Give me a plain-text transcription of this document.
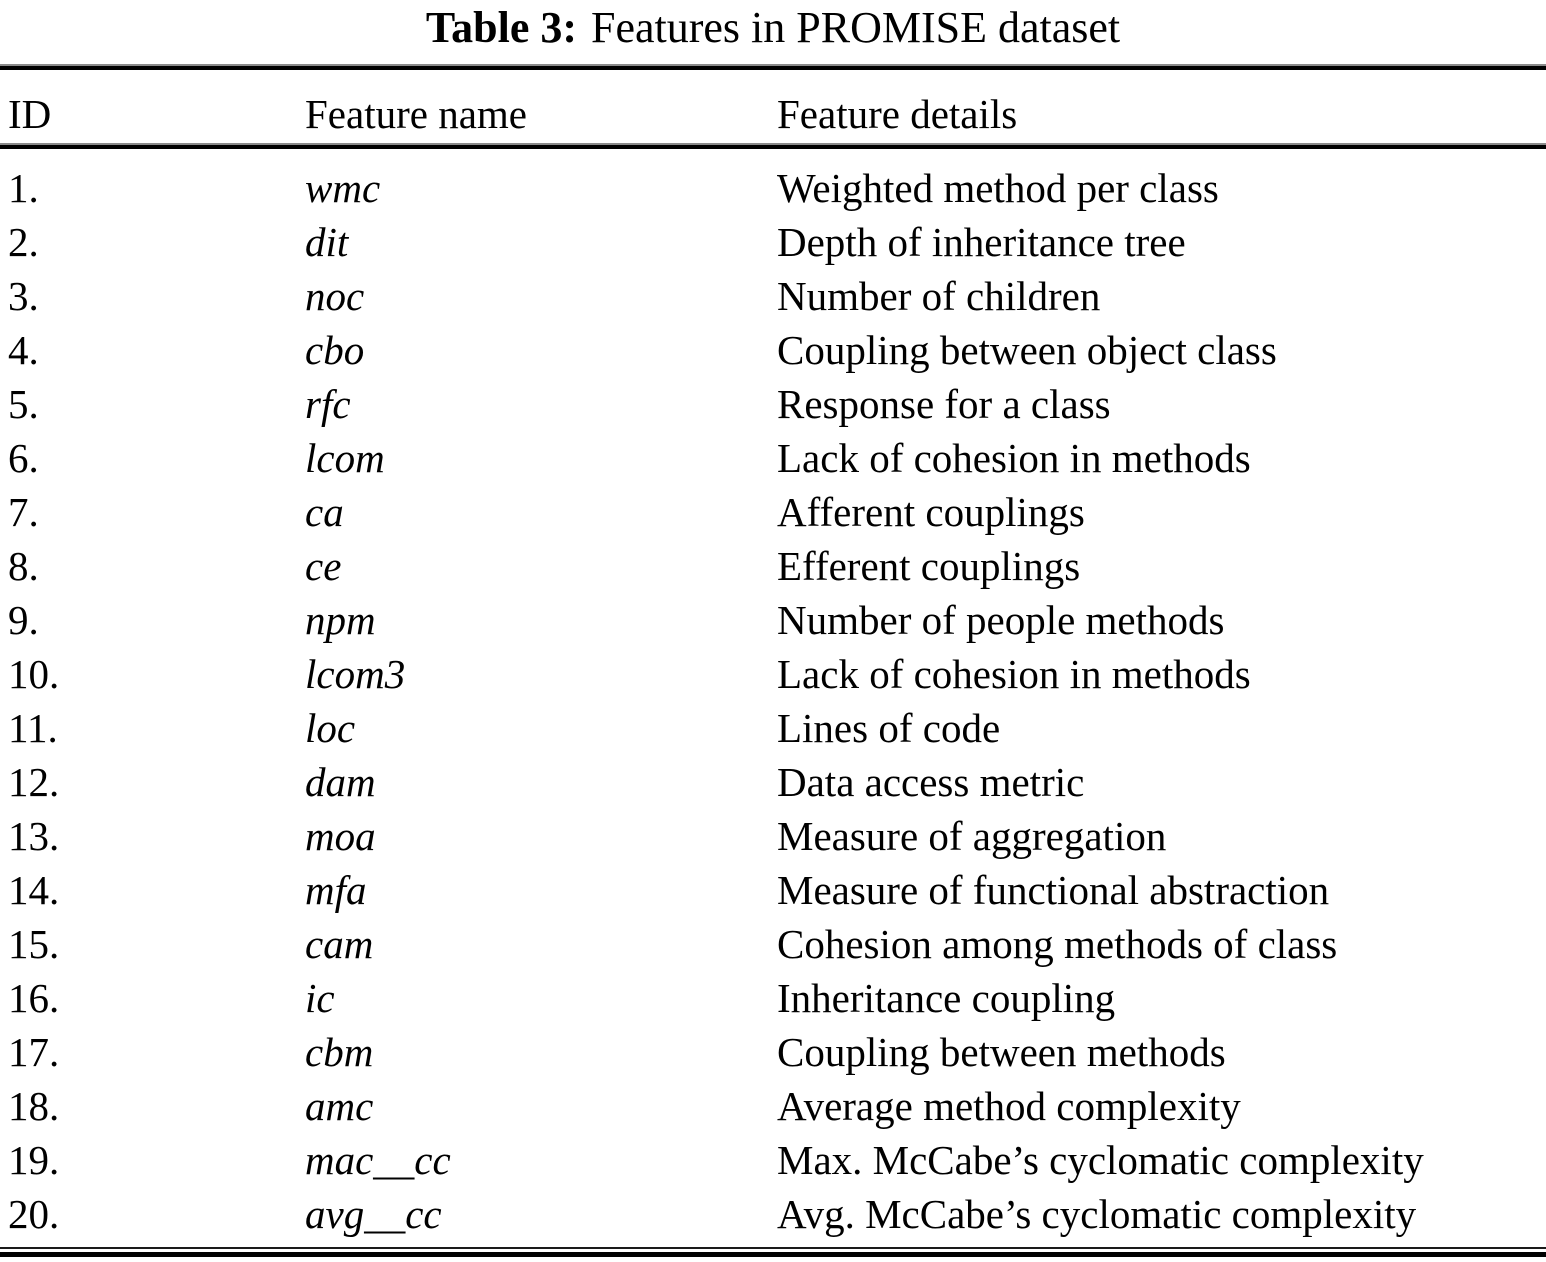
Table 3: Features in PROMISE dataset
ID	Feature name	Feature details
1.	wmc	Weighted method per class
2.	dit	Depth of inheritance tree
3.	noc	Number of children
4.	cbo	Coupling between object class
5.	rfc	Response for a class
6.	lcom	Lack of cohesion in methods
7.	ca	Afferent couplings
8.	ce	Efferent couplings
9.	npm	Number of people methods
10.	lcom3	Lack of cohesion in methods
11.	loc	Lines of code
12.	dam	Data access metric
13.	moa	Measure of aggregation
14.	mfa	Measure of functional abstraction
15.	cam	Cohesion among methods of class
16.	ic	Inheritance coupling
17.	cbm	Coupling between methods
18.	amc	Average method complexity
19.	mac__cc	Max. McCabe’s cyclomatic complexity
20.	avg__cc	Avg. McCabe’s cyclomatic complexity
